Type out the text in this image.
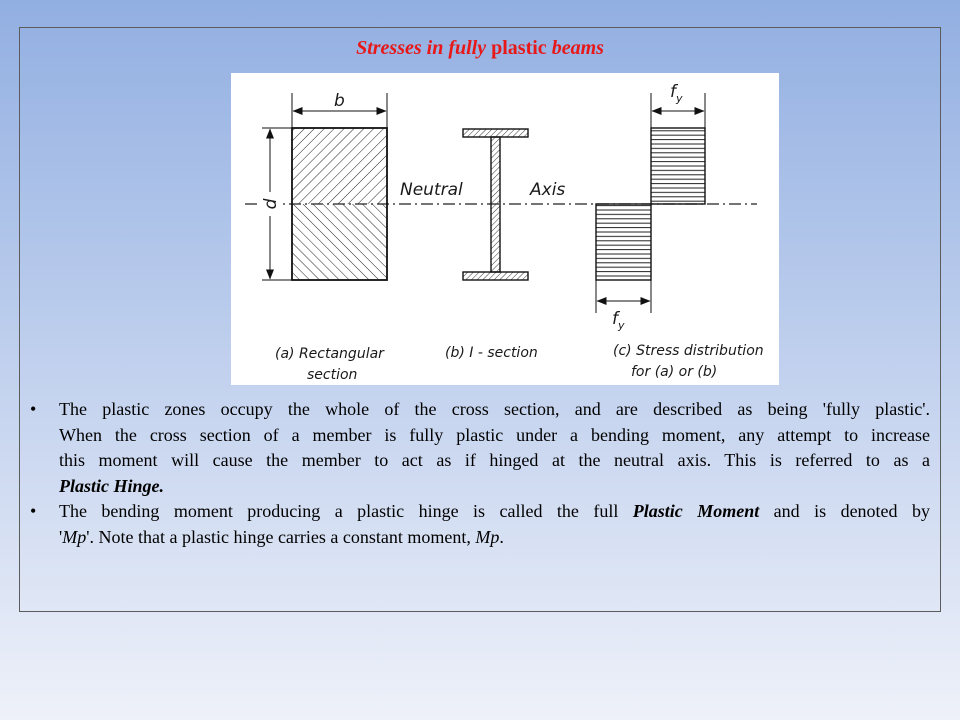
Stresses in fully plastic beams
b
d
Neutral	Axis
$f_y$
$f_y$
(a) Rectangular
section
(b) I - section	(c) Stress distribution
for (a) or (b)
• The plastic zones occupy the whole of the cross section, and are described as being 'fully plastic'.
When the cross section of a member is fully plastic under a bending moment, any attempt to increase
this moment will cause the member to act as if hinged at the neutral axis. This is referred to as a
Plastic Hinge.
• The bending moment producing a plastic hinge is called the full Plastic Moment and is denoted by
'Mp'. Note that a plastic hinge carries a constant moment, Mp.
